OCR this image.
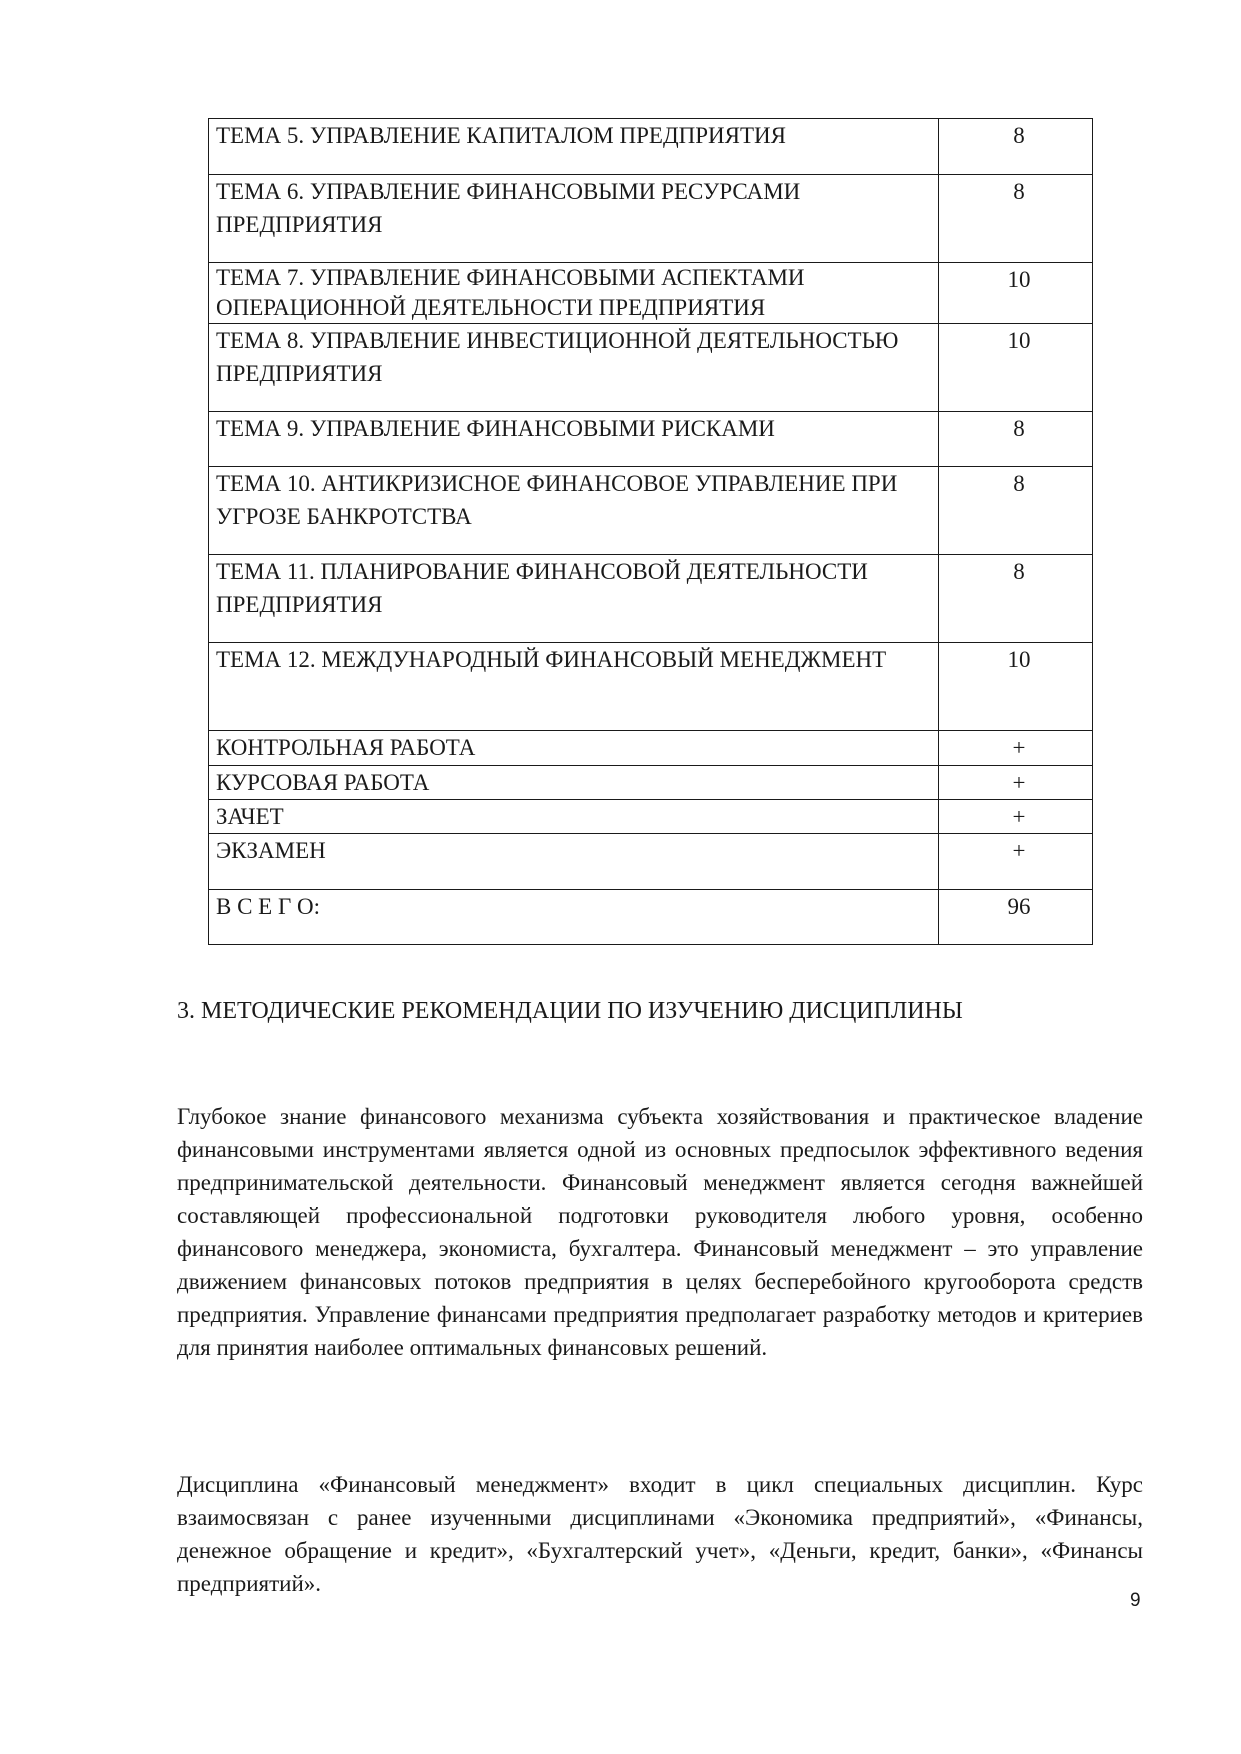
ТЕМА 5. УПРАВЛЕНИЕ КАПИТАЛОМ ПРЕДПРИЯТИЯ	8
ТЕМА 6. УПРАВЛЕНИЕ ФИНАНСОВЫМИ РЕСУРСАМИ ПРЕДПРИЯТИЯ	8
ТЕМА 7. УПРАВЛЕНИЕ ФИНАНСОВЫМИ АСПЕКТАМИ ОПЕРАЦИОННОЙ ДЕЯТЕЛЬНОСТИ ПРЕДПРИЯТИЯ	10
ТЕМА 8. УПРАВЛЕНИЕ ИНВЕСТИЦИОННОЙ ДЕЯТЕЛЬНОСТЬЮ ПРЕДПРИЯТИЯ	10
ТЕМА 9. УПРАВЛЕНИЕ ФИНАНСОВЫМИ РИСКАМИ	8
ТЕМА 10. АНТИКРИЗИСНОЕ ФИНАНСОВОЕ УПРАВЛЕНИЕ ПРИ УГРОЗЕ БАНКРОТСТВА	8
ТЕМА 11. ПЛАНИРОВАНИЕ ФИНАНСОВОЙ ДЕЯТЕЛЬНОСТИ ПРЕДПРИЯТИЯ	8
ТЕМА 12. МЕЖДУНАРОДНЫЙ ФИНАНСОВЫЙ МЕНЕДЖМЕНТ	10
КОНТРОЛЬНАЯ РАБОТА	+
КУРСОВАЯ РАБОТА	+
ЗАЧЕТ	+
ЭКЗАМЕН	+
В С Е Г О:	96
3. МЕТОДИЧЕСКИЕ РЕКОМЕНДАЦИИ ПО ИЗУЧЕНИЮ ДИСЦИПЛИНЫ

Глубокое знание финансового механизма субъекта хозяйствования и практическое владение финансовыми инструментами является одной из основных предпосылок эффективного ведения предпринимательской деятельности. Финансовый менеджмент является сегодня важнейшей составляющей профессиональной подготовки руководителя любого уровня, особенно финансового менеджера, экономиста, бухгалтера. Финансовый менеджмент – это управление движением финансовых потоков предприятия в целях бесперебойного кругооборота средств предприятия. Управление финансами предприятия предполагает разработку методов и критериев для принятия наиболее оптимальных финансовых решений.

Дисциплина «Финансовый менеджмент» входит в цикл специальных дисциплин. Курс взаимосвязан с ранее изученными дисциплинами «Экономика предприятий», «Финансы, денежное обращение и кредит», «Бухгалтерский учет», «Деньги, кредит, банки», «Финансы предприятий».

9
